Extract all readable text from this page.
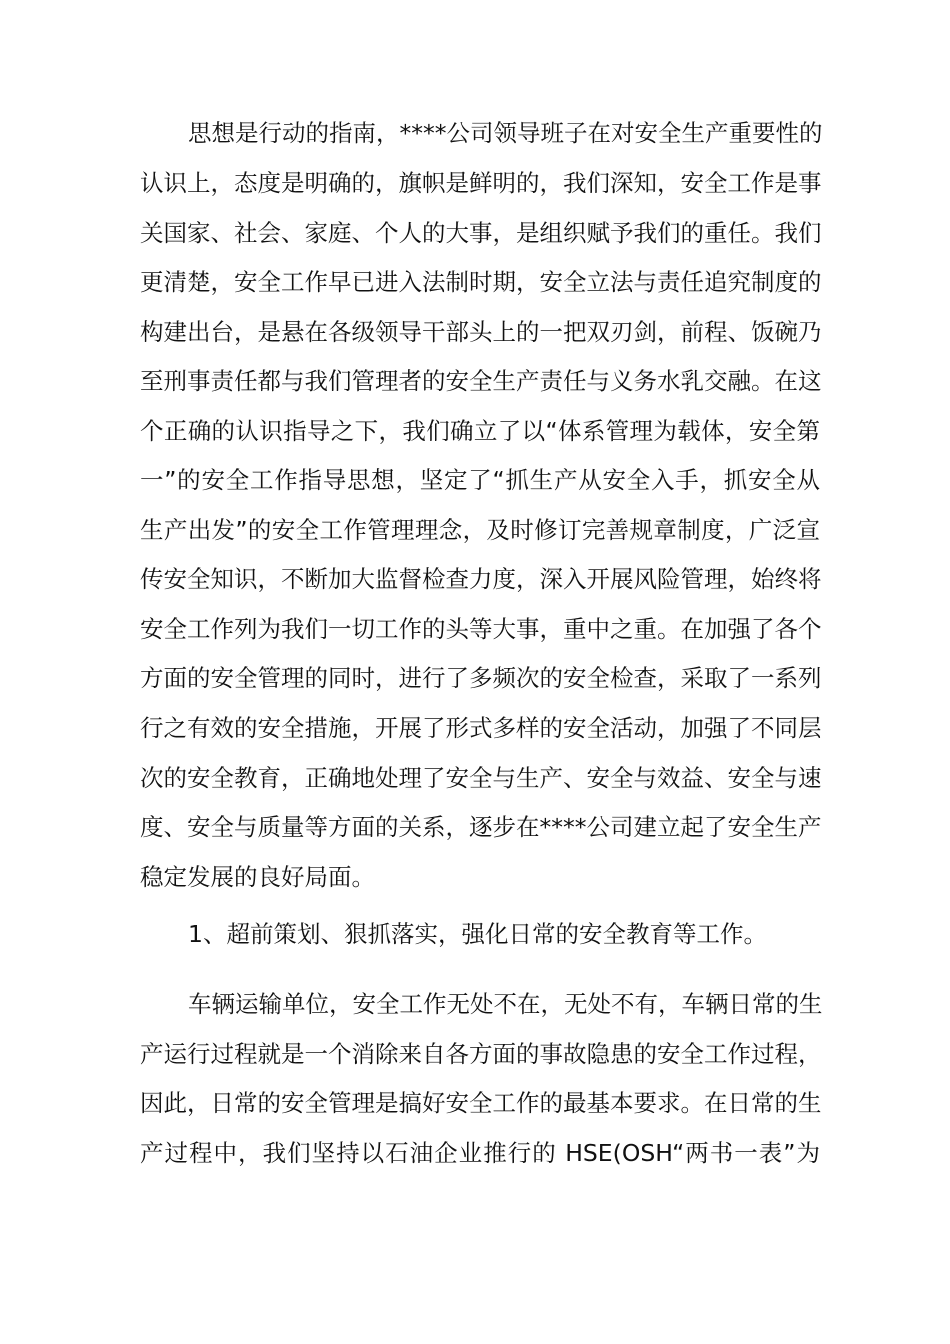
思想是行动的指南，****公司领导班子在对安全生产重要性的
认识上，态度是明确的，旗帜是鲜明的，我们深知，安全工作是事
关国家、社会、家庭、个人的大事，是组织赋予我们的重任。我们
更清楚，安全工作早已进入法制时期，安全立法与责任追究制度的
构建出台，是悬在各级领导干部头上的一把双刃剑，前程、饭碗乃
至刑事责任都与我们管理者的安全生产责任与义务水乳交融。在这
个正确的认识指导之下，我们确立了以“体系管理为载体，安全第
一”的安全工作指导思想，坚定了“抓生产从安全入手，抓安全从
生产出发”的安全工作管理理念，及时修订完善规章制度，广泛宣
传安全知识，不断加大监督检查力度，深入开展风险管理，始终将
安全工作列为我们一切工作的头等大事，重中之重。在加强了各个
方面的安全管理的同时，进行了多频次的安全检查，采取了一系列
行之有效的安全措施，开展了形式多样的安全活动，加强了不同层
次的安全教育，正确地处理了安全与生产、安全与效益、安全与速
度、安全与质量等方面的关系，逐步在****公司建立起了安全生产
稳定发展的良好局面。
1、超前策划、狠抓落实，强化日常的安全教育等工作。
车辆运输单位，安全工作无处不在，无处不有，车辆日常的生
产运行过程就是一个消除来自各方面的事故隐患的安全工作过程，
因此，日常的安全管理是搞好安全工作的最基本要求。在日常的生
产过程中，我们坚持以石油企业推行的 HSE(OSH“两书一表”为
